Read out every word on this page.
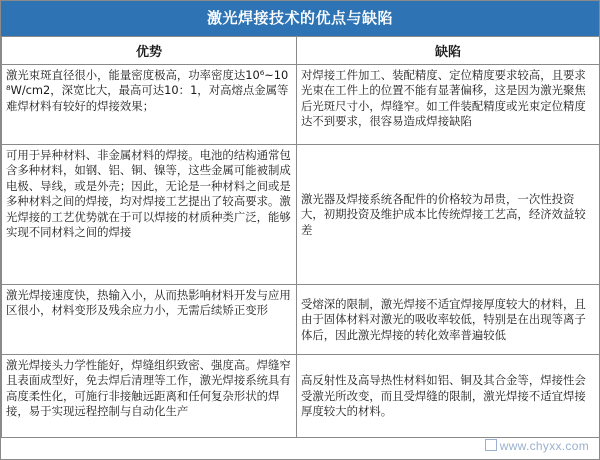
激光焊接技术的优点与缺陷
优势	缺陷
激光束斑直径很小，能量密度极高，功率密度达10⁶~10⁸W/cm2，深宽比大，最高可达10：1，对高熔点金属等难焊材料有较好的焊接效果；	对焊接工件加工、装配精度、定位精度要求较高，且要求光束在工件上的位置不能有显著偏移，这是因为激光聚焦后光斑尺寸小，焊缝窄。如工件装配精度或光束定位精度达不到要求，很容易造成焊接缺陷
可用于异种材料、非金属材料的焊接。电池的结构通常包含多种材料，如钢、铝、铜、镍等，这些金属可能被制成电极、导线，或是外壳；因此，无论是一种材料之间或是多种材料之间的焊接，均对焊接工艺提出了较高要求。激光焊接的工艺优势就在于可以焊接的材质种类广泛，能够实现不同材料之间的焊接	激光器及焊接系统各配件的价格较为昂贵，一次性投资大，初期投资及维护成本比传统焊接工艺高，经济效益较差
激光焊接速度快，热输入小，从而热影响材料开发与应用区很小，材料变形及残余应力小，无需后续矫正变形	受熔深的限制，激光焊接不适宜焊接厚度较大的材料，且由于固体材料对激光的吸收率较低，特别是在出现等离子体后，因此激光焊接的转化效率普遍较低
激光焊接头力学性能好，焊缝组织致密、强度高。焊缝窄且表面成型好，免去焊后清理等工作，激光焊接系统具有高度柔性化，可施行非接触远距离和任何复杂形状的焊接，易于实现远程控制与自动化生产	高反射性及高导热性材料如铝、铜及其合金等，焊接性会受激光所改变，而且受焊缝的限制，激光焊接不适宜焊接厚度较大的材料。
www.chyxx.com
